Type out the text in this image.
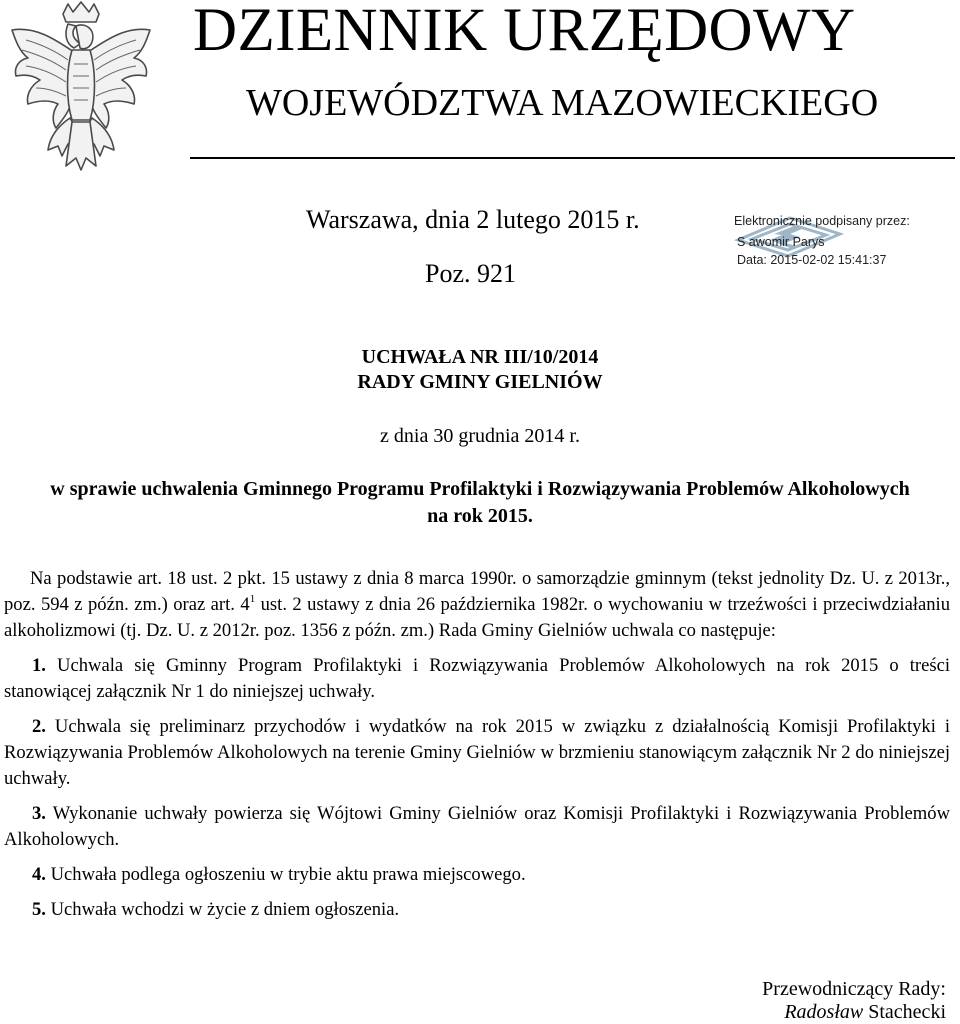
DZIENNIK URZĘDOWY
WOJEWÓDZTWA MAZOWIECKIEGO
Warszawa, dnia 2 lutego 2015 r.
Poz. 921
Elektronicznie podpisany przez:
S awomir Parys
Data: 2015-02-02 15:41:37
UCHWAŁA NR III/10/2014
RADY GMINY GIELNIÓW
z dnia 30 grudnia 2014 r.
w sprawie uchwalenia Gminnego Programu Profilaktyki i Rozwiązywania Problemów Alkoholowych
na rok 2015.

Na podstawie art. 18 ust. 2 pkt. 15 ustawy z dnia 8 marca 1990r. o samorządzie gminnym (tekst jednolity Dz. U. z 2013r., poz. 594 z późn. zm.) oraz art. $4^1$ ust. 2 ustawy z dnia 26 października 1982r. o wychowaniu w trzeźwości i przeciwdziałaniu alkoholizmowi (tj. Dz. U. z 2012r. poz. 1356 z późn. zm.) Rada Gminy Gielniów uchwala co następuje:

1. Uchwala się Gminny Program Profilaktyki i Rozwiązywania Problemów Alkoholowych na rok 2015 o treści stanowiącej załącznik Nr 1 do niniejszej uchwały.

2. Uchwala się preliminarz przychodów i wydatków na rok 2015 w związku z działalnością Komisji Profilaktyki i Rozwiązywania Problemów Alkoholowych na terenie Gminy Gielniów w brzmieniu stanowiącym załącznik Nr 2 do niniejszej uchwały.

3. Wykonanie uchwały powierza się Wójtowi Gminy Gielniów oraz Komisji Profilaktyki i Rozwiązywania Problemów Alkoholowych.

4. Uchwała podlega ogłoszeniu w trybie aktu prawa miejscowego.

5. Uchwała wchodzi w życie z dniem ogłoszenia.

Przewodniczący Rady:
Radosław Stachecki
